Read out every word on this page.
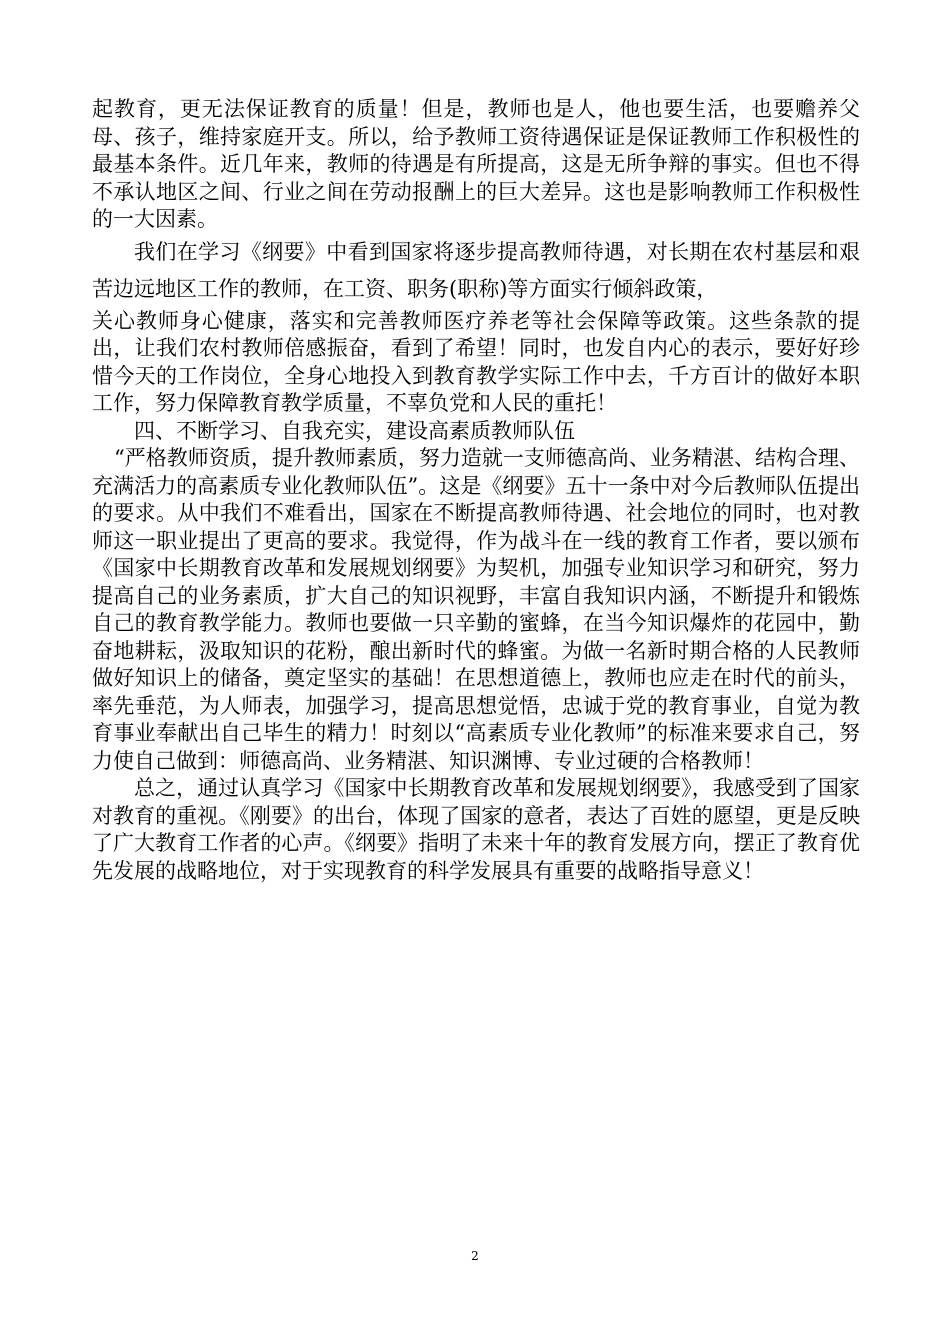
起教育，更无法保证教育的质量！但是，教师也是人，他也要生活，也要赡养父母、孩子，维持家庭开支。所以，给予教师工资待遇保证是保证教师工作积极性的最基本条件。近几年来，教师的待遇是有所提高，这是无所争辩的事实。但也不得不承认地区之间、行业之间在劳动报酬上的巨大差异。这也是影响教师工作积极性的一大因素。

我们在学习《纲要》中看到国家将逐步提高教师待遇，对长期在农村基层和艰苦边远地区工作的教师，在工资、职务(职称)等方面实行倾斜政策，

关心教师身心健康，落实和完善教师医疗养老等社会保障等政策。这些条款的提出，让我们农村教师倍感振奋，看到了希望！同时，也发自内心的表示，要好好珍惜今天的工作岗位，全身心地投入到教育教学实际工作中去，千方百计的做好本职工作，努力保障教育教学质量，不辜负党和人民的重托！

四、不断学习、自我充实，建设高素质教师队伍

“严格教师资质，提升教师素质，努力造就一支师德高尚、业务精湛、结构合理、充满活力的高素质专业化教师队伍”。这是《纲要》五十一条中对今后教师队伍提出的要求。从中我们不难看出，国家在不断提高教师待遇、社会地位的同时，也对教师这一职业提出了更高的要求。我觉得，作为战斗在一线的教育工作者，要以颁布《国家中长期教育改革和发展规划纲要》为契机，加强专业知识学习和研究，努力提高自己的业务素质，扩大自己的知识视野，丰富自我知识内涵，不断提升和锻炼自己的教育教学能力。教师也要做一只辛勤的蜜蜂，在当今知识爆炸的花园中，勤奋地耕耘，汲取知识的花粉，酿出新时代的蜂蜜。为做一名新时期合格的人民教师做好知识上的储备，奠定坚实的基础！在思想道德上，教师也应走在时代的前头，率先垂范，为人师表，加强学习，提高思想觉悟，忠诚于党的教育事业，自觉为教育事业奉献出自己毕生的精力！时刻以“高素质专业化教师”的标准来要求自己，努力使自己做到：师德高尚、业务精湛、知识渊博、专业过硬的合格教师！

总之，通过认真学习《国家中长期教育改革和发展规划纲要》，我感受到了国家对教育的重视。《刚要》的出台，体现了国家的意者，表达了百姓的愿望，更是反映了广大教育工作者的心声。《纲要》指明了未来十年的教育发展方向，摆正了教育优先发展的战略地位，对于实现教育的科学发展具有重要的战略指导意义！

2
